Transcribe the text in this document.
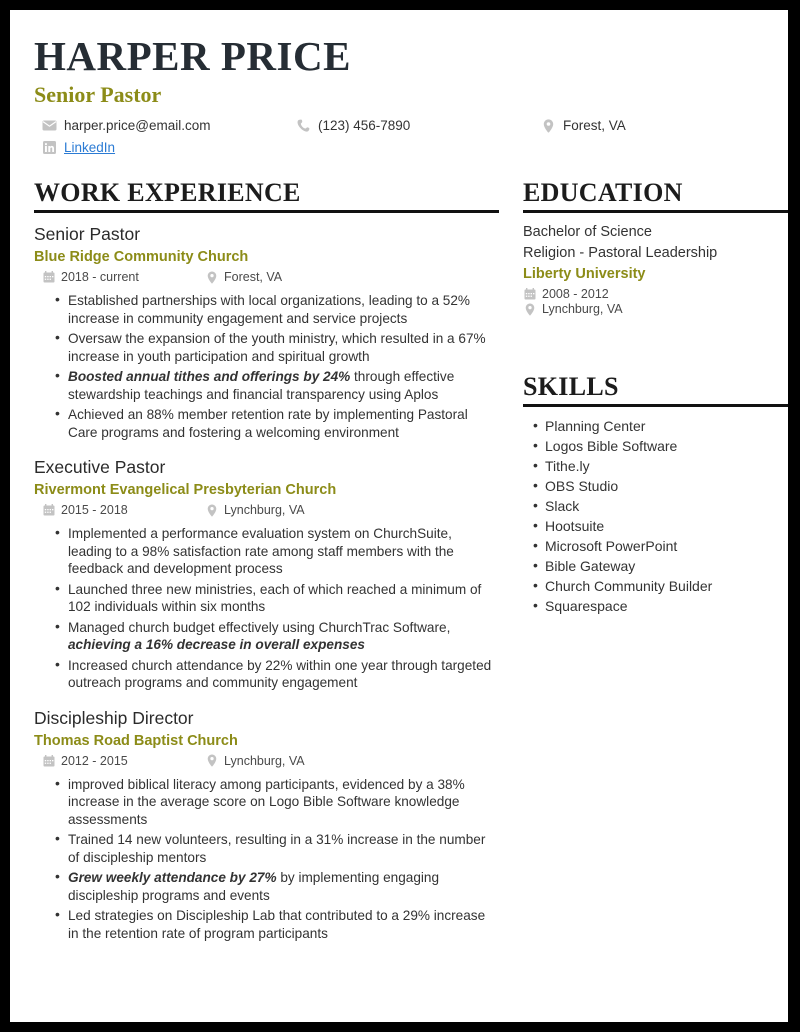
HARPER PRICE
Senior Pastor
harper.price@email.com	(123) 456-7890	Forest, VA
LinkedIn
WORK EXPERIENCE
Senior Pastor
Blue Ridge Community Church
2018 - current	Forest, VA
• Established partnerships with local organizations, leading to a 52% increase in community engagement and service projects
• Oversaw the expansion of the youth ministry, which resulted in a 67% increase in youth participation and spiritual growth
• Boosted annual tithes and offerings by 24% through effective stewardship teachings and financial transparency using Aplos
• Achieved an 88% member retention rate by implementing Pastoral Care programs and fostering a welcoming environment
Executive Pastor
Rivermont Evangelical Presbyterian Church
2015 - 2018	Lynchburg, VA
• Implemented a performance evaluation system on ChurchSuite, leading to a 98% satisfaction rate among staff members with the feedback and development process
• Launched three new ministries, each of which reached a minimum of 102 individuals within six months
• Managed church budget effectively using ChurchTrac Software, achieving a 16% decrease in overall expenses
• Increased church attendance by 22% within one year through targeted outreach programs and community engagement
Discipleship Director
Thomas Road Baptist Church
2012 - 2015	Lynchburg, VA
• improved biblical literacy among participants, evidenced by a 38% increase in the average score on Logo Bible Software knowledge assessments
• Trained 14 new volunteers, resulting in a 31% increase in the number of discipleship mentors
• Grew weekly attendance by 27% by implementing engaging discipleship programs and events
• Led strategies on Discipleship Lab that contributed to a 29% increase in the retention rate of program participants
EDUCATION
Bachelor of Science
Religion - Pastoral Leadership
Liberty University
2008 - 2012
Lynchburg, VA
SKILLS
• Planning Center
• Logos Bible Software
• Tithe.ly
• OBS Studio
• Slack
• Hootsuite
• Microsoft PowerPoint
• Bible Gateway
• Church Community Builder
• Squarespace
